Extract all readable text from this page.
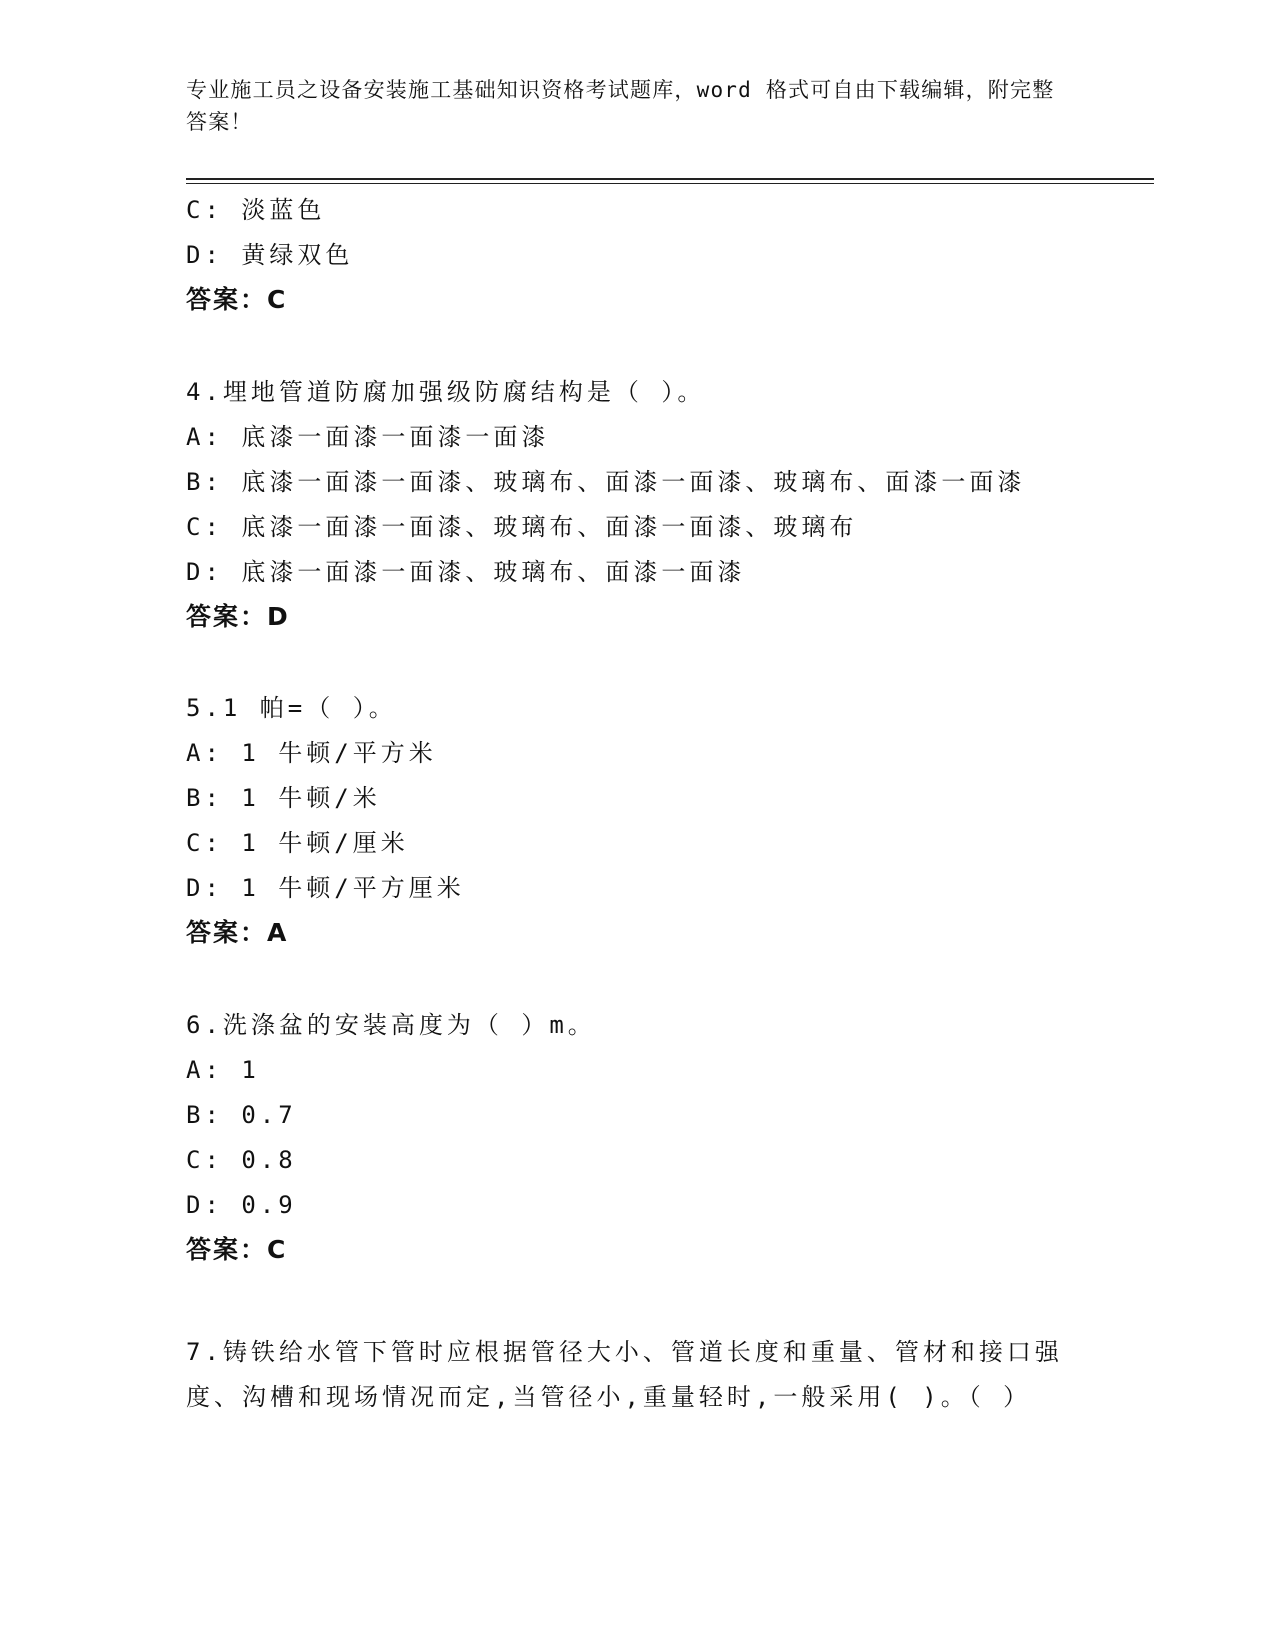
专业施工员之设备安装施工基础知识资格考试题库，word 格式可自由下载编辑，附完整答案！
C: 淡蓝色
D: 黄绿双色
答案：C
4.埋地管道防腐加强级防腐结构是（ ）。
A: 底漆一面漆一面漆一面漆
B: 底漆一面漆一面漆、玻璃布、面漆一面漆、玻璃布、面漆一面漆
C: 底漆一面漆一面漆、玻璃布、面漆一面漆、玻璃布
D: 底漆一面漆一面漆、玻璃布、面漆一面漆
答案：D
5.1 帕=（ ）。
A: 1 牛顿/平方米
B: 1 牛顿/米
C: 1 牛顿/厘米
D: 1 牛顿/平方厘米
答案：A
6.洗涤盆的安装高度为（ ）m。
A: 1
B: 0.7
C: 0.8
D: 0.9
答案：C
7.铸铁给水管下管时应根据管径大小、管道长度和重量、管材和接口强度、沟槽和现场情况而定,当管径小,重量轻时,一般采用( )。（ ）
